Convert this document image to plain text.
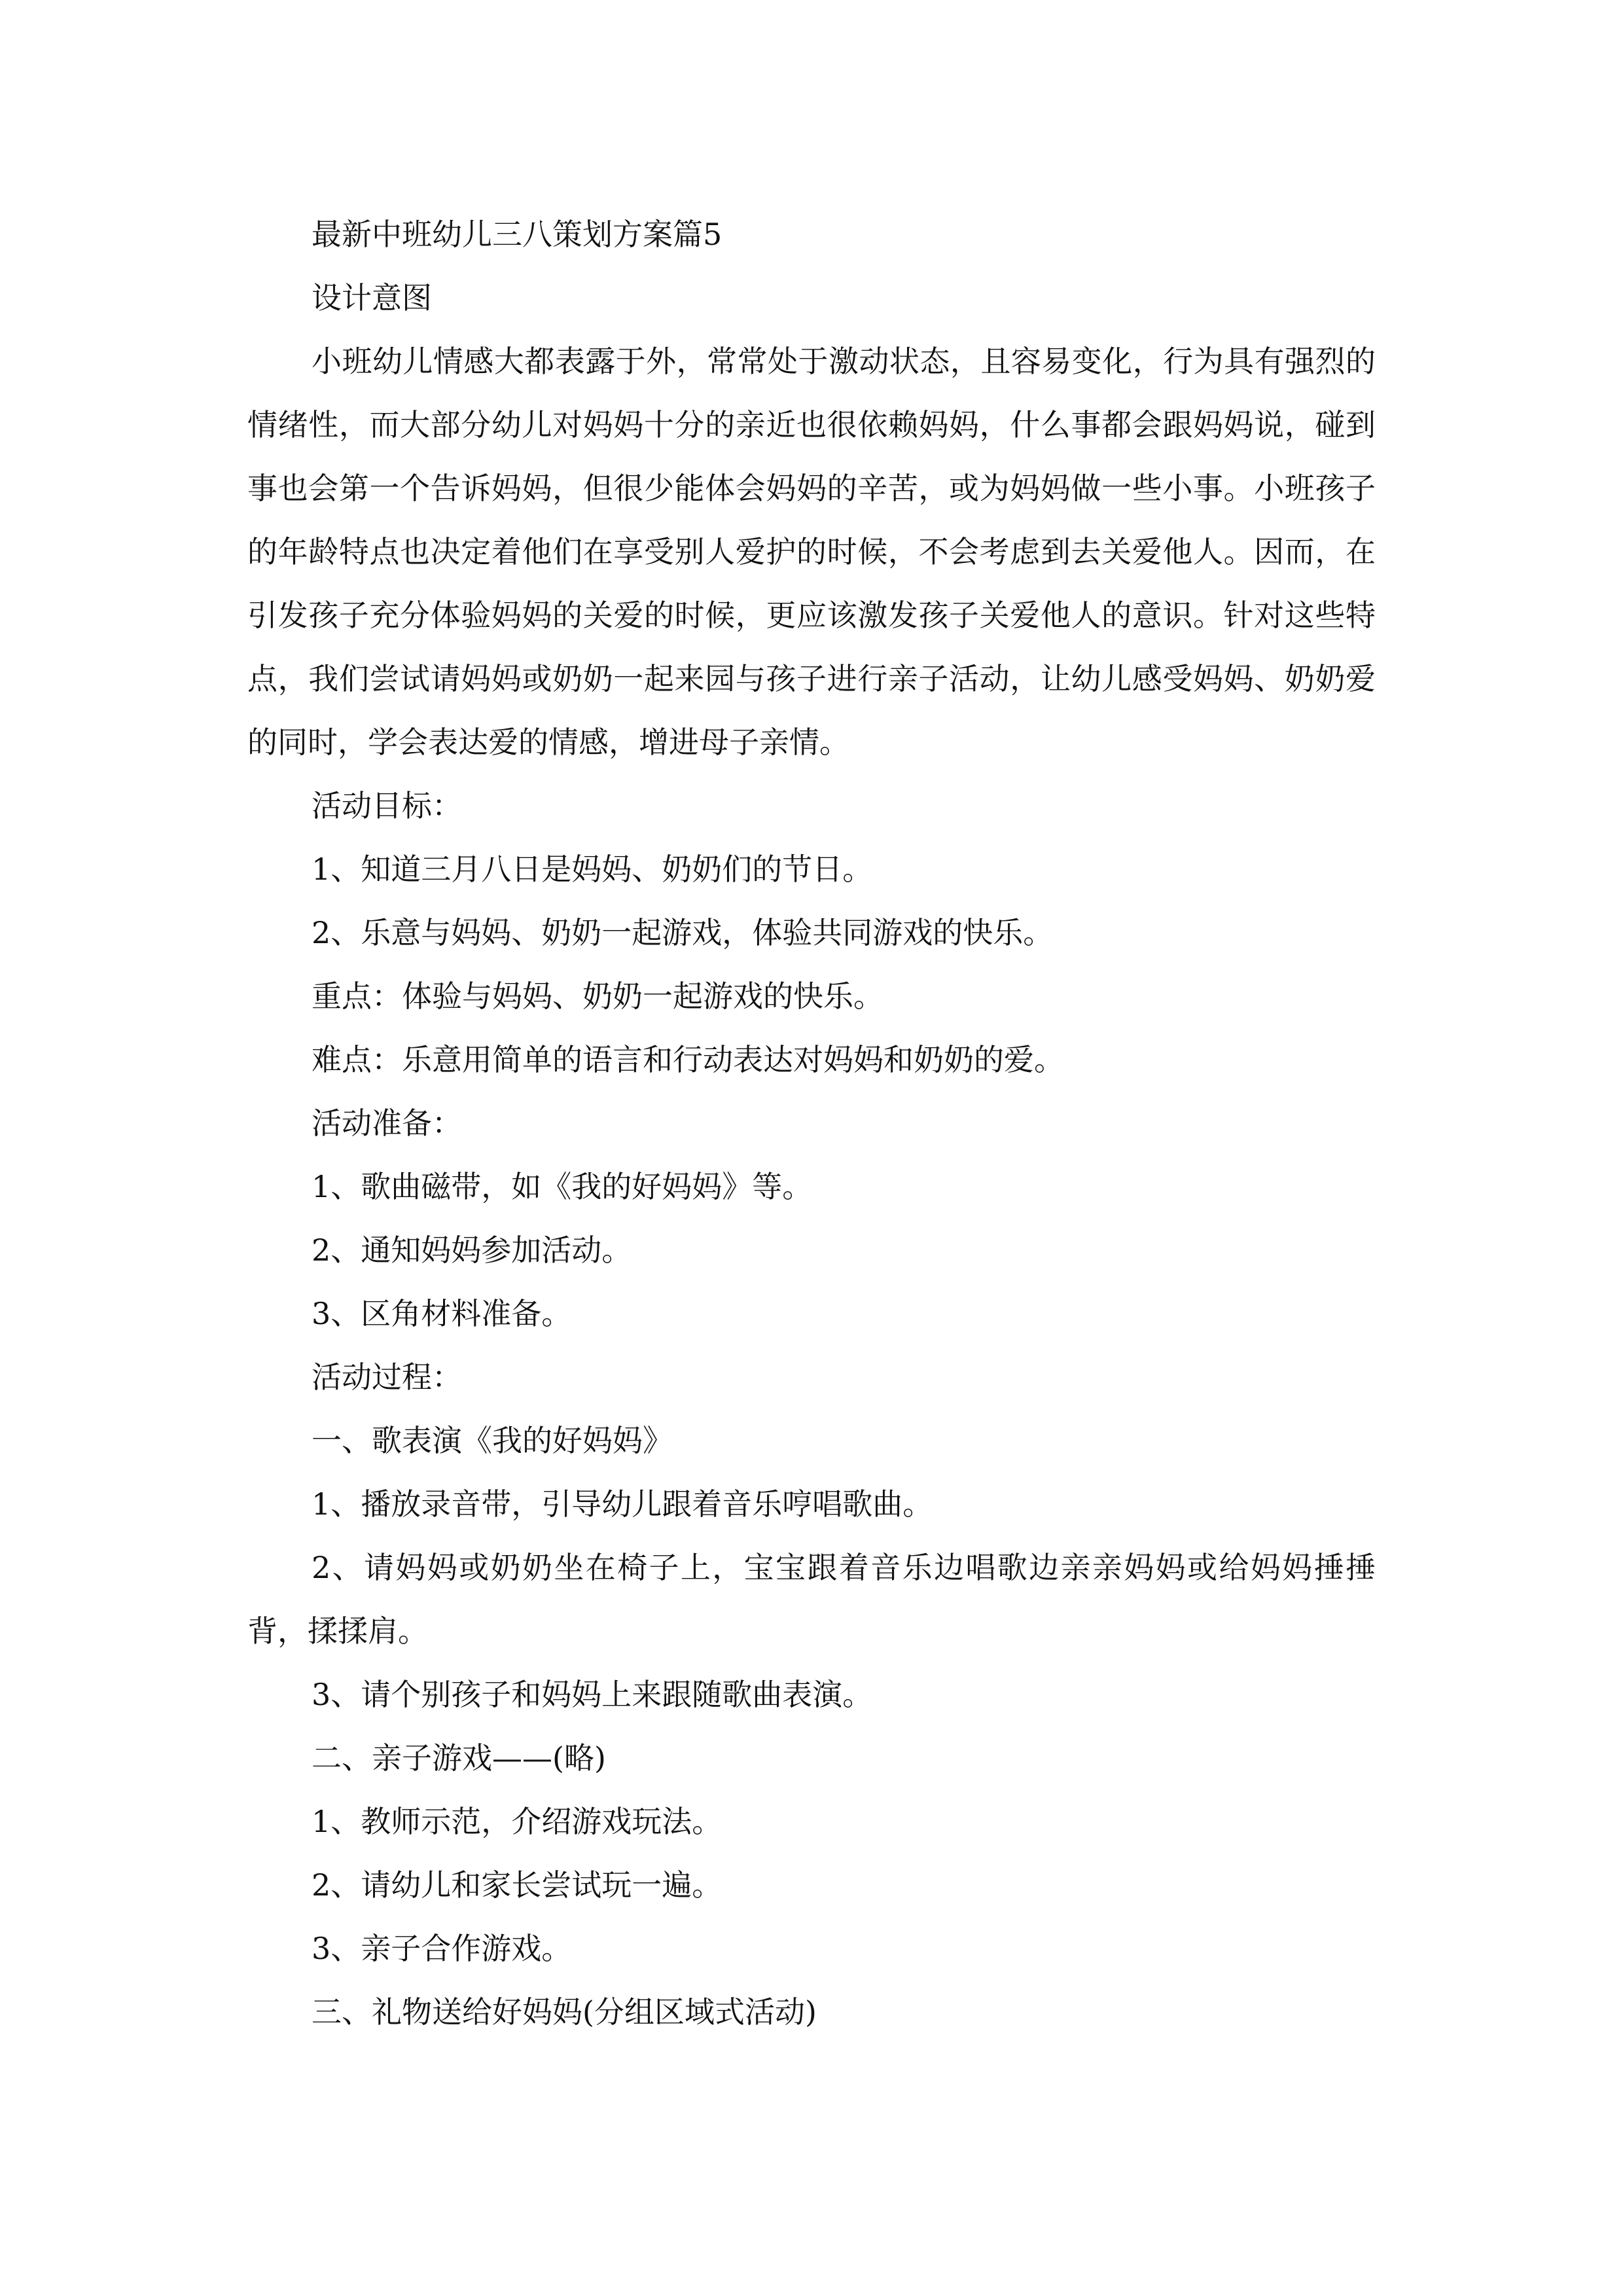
最新中班幼儿三八策划方案篇5

设计意图

小班幼儿情感大都表露于外，常常处于激动状态，且容易变化，行为具有强烈的情绪性，而大部分幼儿对妈妈十分的亲近也很依赖妈妈，什么事都会跟妈妈说，碰到事也会第一个告诉妈妈，但很少能体会妈妈的辛苦，或为妈妈做一些小事。小班孩子的年龄特点也决定着他们在享受别人爱护的时候，不会考虑到去关爱他人。因而，在引发孩子充分体验妈妈的关爱的时候，更应该激发孩子关爱他人的意识。针对这些特点，我们尝试请妈妈或奶奶一起来园与孩子进行亲子活动，让幼儿感受妈妈、奶奶爱的同时，学会表达爱的情感，增进母子亲情。

活动目标：

1、知道三月八日是妈妈、奶奶们的节日。

2、乐意与妈妈、奶奶一起游戏，体验共同游戏的快乐。

重点：体验与妈妈、奶奶一起游戏的快乐。

难点：乐意用简单的语言和行动表达对妈妈和奶奶的爱。

活动准备：

1、歌曲磁带，如《我的好妈妈》等。

2、通知妈妈参加活动。

3、区角材料准备。

活动过程：

一、歌表演《我的好妈妈》

1、播放录音带，引导幼儿跟着音乐哼唱歌曲。

2、请妈妈或奶奶坐在椅子上，宝宝跟着音乐边唱歌边亲亲妈妈或给妈妈捶捶背，揉揉肩。

3、请个别孩子和妈妈上来跟随歌曲表演。

二、亲子游戏——(略)

1、教师示范，介绍游戏玩法。

2、请幼儿和家长尝试玩一遍。

3、亲子合作游戏。

三、礼物送给好妈妈(分组区域式活动)
